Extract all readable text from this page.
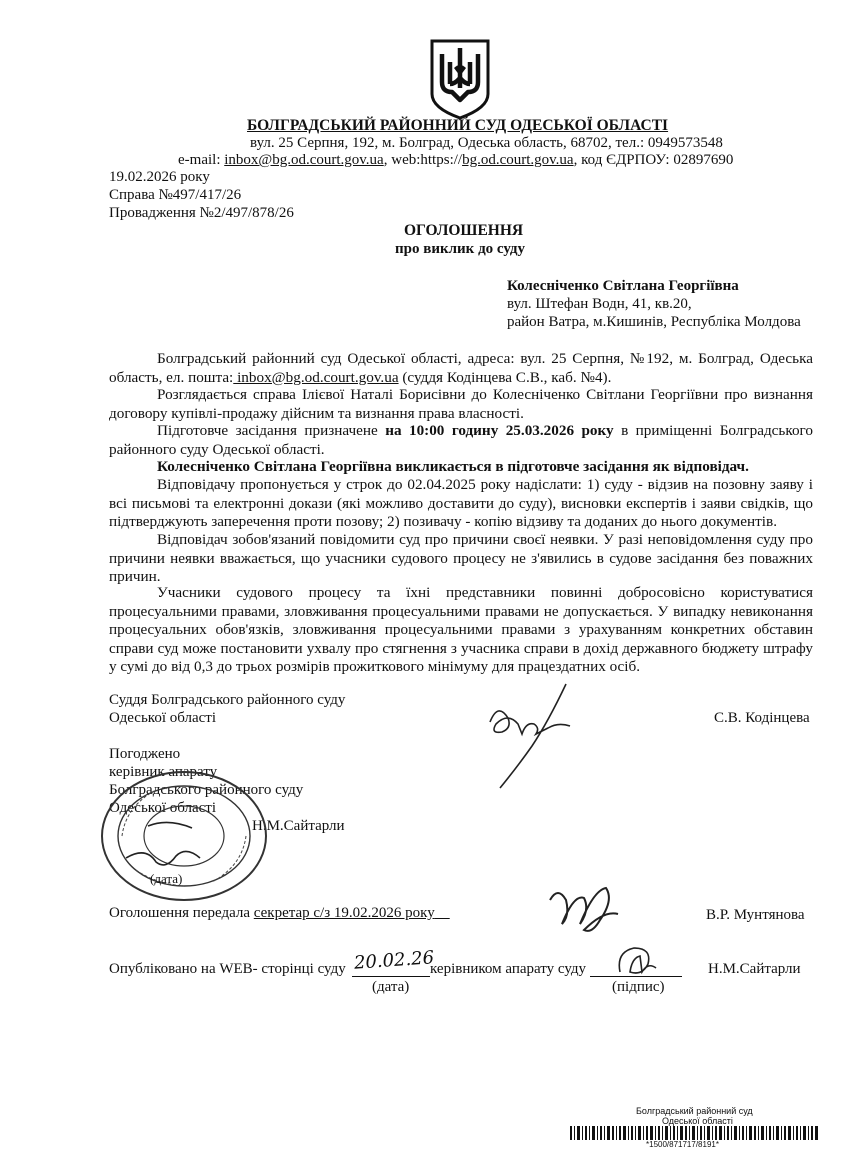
БОЛГРАДСЬКИЙ РАЙОННИЙ СУД ОДЕСЬКОЇ ОБЛАСТІ
вул. 25 Серпня, 192, м. Болград, Одеська область, 68702, тел.: 0949573548
e-mail: inbox@bg.od.court.gov.ua, web:https://bg.od.court.gov.ua, код ЄДРПОУ: 02897690
19.02.2026 року
Справа №497/417/26
Провадження №2/497/878/26
ОГОЛОШЕННЯ
про виклик до суду
Колесніченко Світлана Георгіївна
вул. Штефан Водн, 41, кв.20,
район Ватра, м.Кишинів, Республіка Молдова
Болградський районний суд Одеської області, адреса: вул. 25 Серпня, №192, м. Болград, Одеська область, ел. пошта: inbox@bg.od.court.gov.ua (суддя Кодінцева С.В., каб. №4).
Розглядається справа Ілієвої Наталі Борисівни до Колесніченко Світлани Георгіївни про визнання договору купівлі-продажу дійсним та визнання права власності.
Підготовче засідання призначене на 10:00 годину 25.03.2026 року в приміщенні Болградського районного суду Одеської області.
Колесніченко Світлана Георгіївна викликається в підготовче засідання як відповідач.
Відповідачу пропонується у строк до 02.04.2025 року надіслати: 1) суду - відзив на позовну заяву і всі письмові та електронні докази (які можливо доставити до суду), висновки експертів і заяви свідків, що підтверджують заперечення проти позову; 2) позивачу - копію відзиву та доданих до нього документів.
Відповідач зобов'язаний повідомити суд про причини своєї неявки. У разі неповідомлення суду про причини неявки вважається, що учасники судового процесу не з'явились в судове засідання без поважних причин.
Учасники судового процесу та їхні представники повинні добросовісно користуватися процесуальними правами, зловживання процесуальними правами не допускається. У випадку невиконання процесуальних обов'язків, зловживання процесуальними правами з урахуванням конкретних обставин справи суд може постановити ухвалу про стягнення з учасника справи в дохід державного бюджету штрафу у сумі до від 0,3 до трьох розмірів прожиткового мінімуму для працездатних осіб.
Суддя Болградського районного суду
Одеської області	С.В. Кодінцева
Погоджено
керівник апарату
Болградського районного суду
Одеської області
Н.М.Сайтарли
(дата)
Оголошення передала секретар с/з 19.02.2026 року	В.Р. Мунтянова
Опубліковано на WEB- сторінці суду 20.02.26
керівником апарату суду	Н.М.Сайтарли
(дата)	(підпис)
Болградський районний суд
Одеської області
*1500/871717/8191*
